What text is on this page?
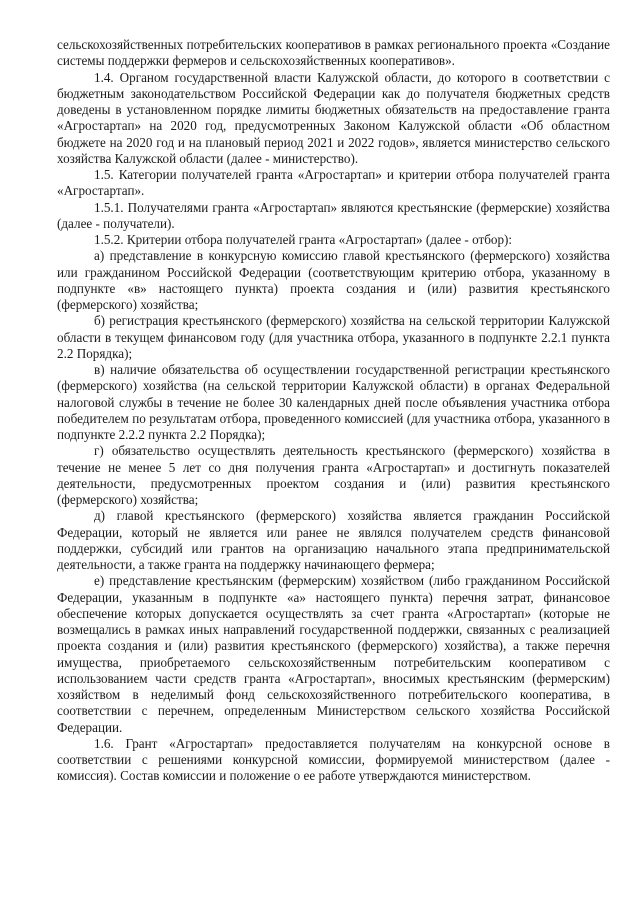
сельскохозяйственных потребительских кооперативов в рамках регионального проекта «Создание системы поддержки фермеров и сельскохозяйственных кооперативов».

1.4. Органом государственной власти Калужской области, до которого в соответствии с бюджетным законодательством Российской Федерации как до получателя бюджетных средств доведены в установленном порядке лимиты бюджетных обязательств на предоставление гранта «Агростартап» на 2020 год, предусмотренных Законом Калужской области «Об областном бюджете на 2020 год и на плановый период 2021 и 2022 годов», является министерство сельского хозяйства Калужской области (далее - министерство).

1.5. Категории получателей гранта «Агростартап» и критерии отбора получателей гранта «Агростартап».

1.5.1. Получателями гранта «Агростартап» являются крестьянские (фермерские) хозяйства (далее - получатели).

1.5.2. Критерии отбора получателей гранта «Агростартап» (далее - отбор):

а) представление в конкурсную комиссию главой крестьянского (фермерского) хозяйства или гражданином Российской Федерации (соответствующим критерию отбора, указанному в подпункте «в» настоящего пункта) проекта создания и (или) развития крестьянского (фермерского) хозяйства;

б) регистрация крестьянского (фермерского) хозяйства на сельской территории Калужской области в текущем финансовом году (для участника отбора, указанного в подпункте 2.2.1 пункта 2.2 Порядка);

в) наличие обязательства об осуществлении государственной регистрации крестьянского (фермерского) хозяйства (на сельской территории Калужской области) в органах Федеральной налоговой службы в течение не более 30 календарных дней после объявления участника отбора победителем по результатам отбора, проведенного комиссией (для участника отбора, указанного в подпункте 2.2.2 пункта 2.2 Порядка);

г) обязательство осуществлять деятельность крестьянского (фермерского) хозяйства в течение не менее 5 лет со дня получения гранта «Агростартап» и достигнуть показателей деятельности, предусмотренных проектом создания и (или) развития крестьянского (фермерского) хозяйства;

д) главой крестьянского (фермерского) хозяйства является гражданин Российской Федерации, который не является или ранее не являлся получателем средств финансовой поддержки, субсидий или грантов на организацию начального этапа предпринимательской деятельности, а также гранта на поддержку начинающего фермера;

е) представление крестьянским (фермерским) хозяйством (либо гражданином Российской Федерации, указанным в подпункте «а» настоящего пункта) перечня затрат, финансовое обеспечение которых допускается осуществлять за счет гранта «Агростартап» (которые не возмещались в рамках иных направлений государственной поддержки, связанных с реализацией проекта создания и (или) развития крестьянского (фермерского) хозяйства), а также перечня имущества, приобретаемого сельскохозяйственным потребительским кооперативом с использованием части средств гранта «Агростартап», вносимых крестьянским (фермерским) хозяйством в неделимый фонд сельскохозяйственного потребительского кооператива, в соответствии с перечнем, определенным Министерством сельского хозяйства Российской Федерации.

1.6. Грант «Агростартап» предоставляется получателям на конкурсной основе в соответствии с решениями конкурсной комиссии, формируемой министерством (далее - комиссия). Состав комиссии и положение о ее работе утверждаются министерством.
